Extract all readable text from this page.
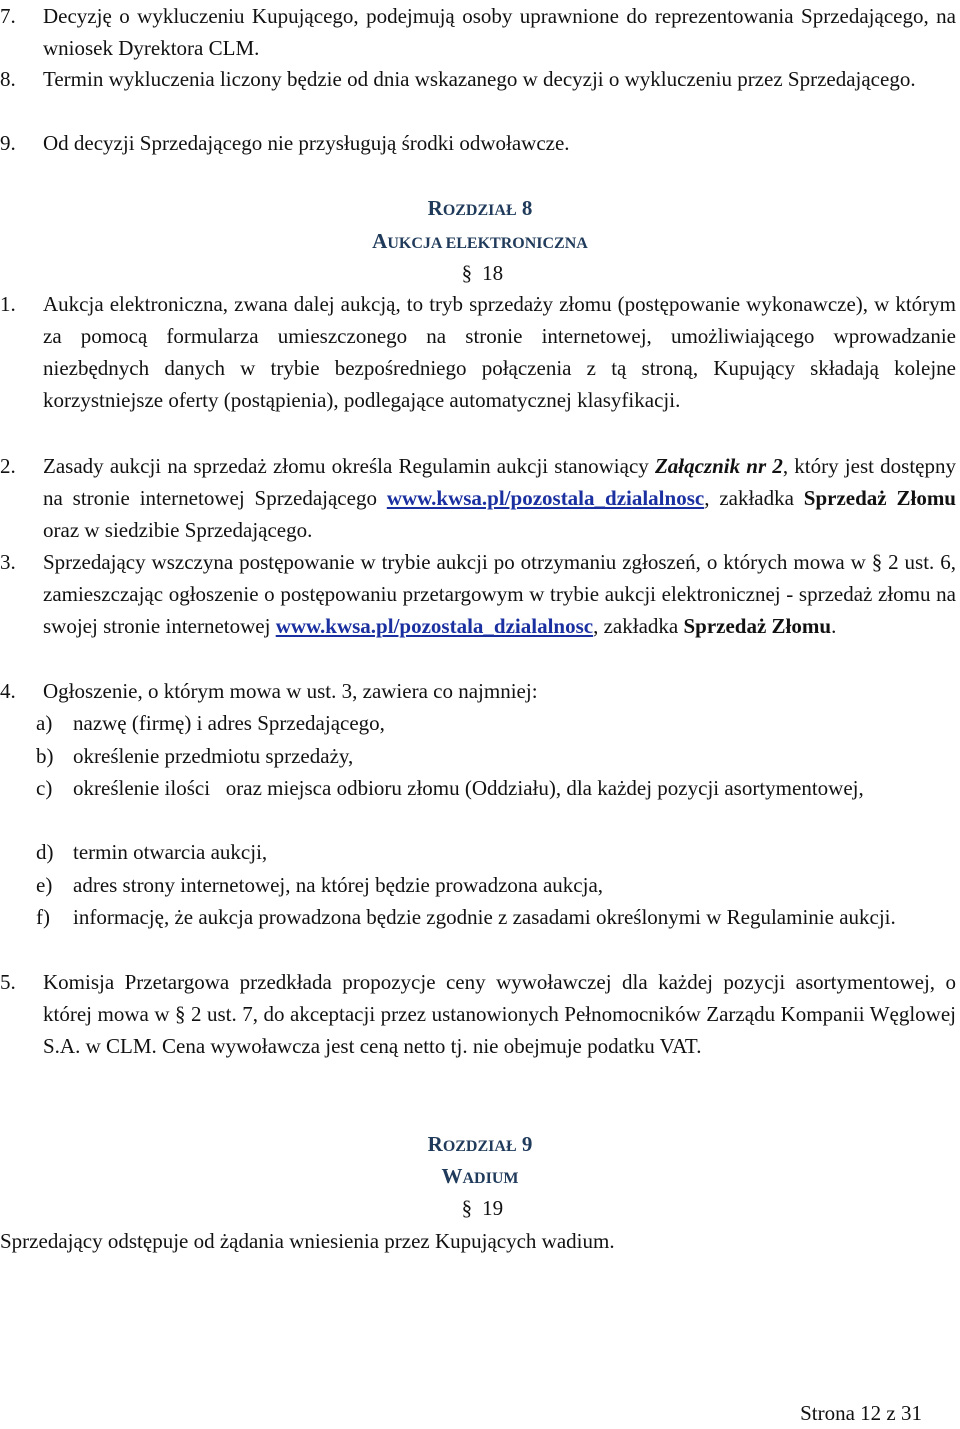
7. Decyzję o wykluczeniu Kupującego, podejmują osoby uprawnione do reprezentowania Sprzedającego, na wniosek Dyrektora CLM.
8. Termin wykluczenia liczony będzie od dnia wskazanego w decyzji o wykluczeniu przez Sprzedającego.
9. Od decyzji Sprzedającego nie przysługują środki odwoławcze.
ROZDZIAŁ 8
AUKCJA ELEKTRONICZNA
§ 18
1. Aukcja elektroniczna, zwana dalej aukcją, to tryb sprzedaży złomu (postępowanie wykonawcze), w którym za pomocą formularza umieszczonego na stronie internetowej, umożliwiającego wprowadzanie niezbędnych danych w trybie bezpośredniego połączenia z tą stroną, Kupujący składają kolejne korzystniejsze oferty (postąpienia), podlegające automatycznej klasyfikacji.
2. Zasady aukcji na sprzedaż złomu określa Regulamin aukcji stanowiący Załącznik nr 2, który jest dostępny na stronie internetowej Sprzedającego www.kwsa.pl/pozostala_dzialalnosc, zakładka Sprzedaż Złomu oraz w siedzibie Sprzedającego.
3. Sprzedający wszczyna postępowanie w trybie aukcji po otrzymaniu zgłoszeń, o których mowa w § 2 ust. 6, zamieszczając ogłoszenie o postępowaniu przetargowym w trybie aukcji elektronicznej - sprzedaż złomu na swojej stronie internetowej www.kwsa.pl/pozostala_dzialalnosc, zakładka Sprzedaż Złomu.
4. Ogłoszenie, o którym mowa w ust. 3, zawiera co najmniej:
a) nazwę (firmę) i adres Sprzedającego,
b) określenie przedmiotu sprzedaży,
c) określenie ilości   oraz miejsca odbioru złomu (Oddziału), dla każdej pozycji asortymentowej,
d) termin otwarcia aukcji,
e) adres strony internetowej, na której będzie prowadzona aukcja,
f) informację, że aukcja prowadzona będzie zgodnie z zasadami określonymi w Regulaminie aukcji.
5. Komisja Przetargowa przedkłada propozycje ceny wywoławczej dla każdej pozycji asortymentowej, o której mowa w § 2 ust. 7, do akceptacji przez ustanowionych Pełnomocników Zarządu Kompanii Węglowej S.A. w CLM. Cena wywoławcza jest ceną netto tj. nie obejmuje podatku VAT.
ROZDZIAŁ 9
WADIUM
§ 19
Sprzedający odstępuje od żądania wniesienia przez Kupujących wadium.
Strona 12 z 31
